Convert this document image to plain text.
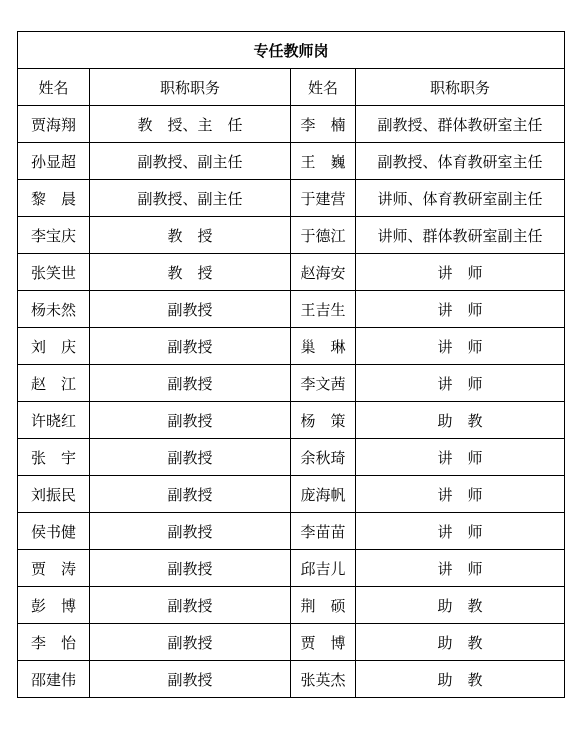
专任教师岗			
姓名	职称职务	姓名	职称职务
贾海翔	教　授、主　任	李　楠	副教授、群体教研室主任
孙显超	副教授、副主任	王　巍	副教授、体育教研室主任
黎　晨	副教授、副主任	于建营	讲师、体育教研室副主任
李宝庆	教　授	于德江	讲师、群体教研室副主任
张笑世	教　授	赵海安	讲　师
杨未然	副教授	王吉生	讲　师
刘　庆	副教授	巢　琳	讲　师
赵　江	副教授	李文茜	讲　师
许晓红	副教授	杨　策	助　教
张　宇	副教授	余秋琦	讲　师
刘振民	副教授	庞海帆	讲　师
侯书健	副教授	李苗苗	讲　师
贾　涛	副教授	邱吉儿	讲　师
彭　博	副教授	荆　硕	助　教
李　怡	副教授	贾　博	助　教
邵建伟	副教授	张英杰	助　教
